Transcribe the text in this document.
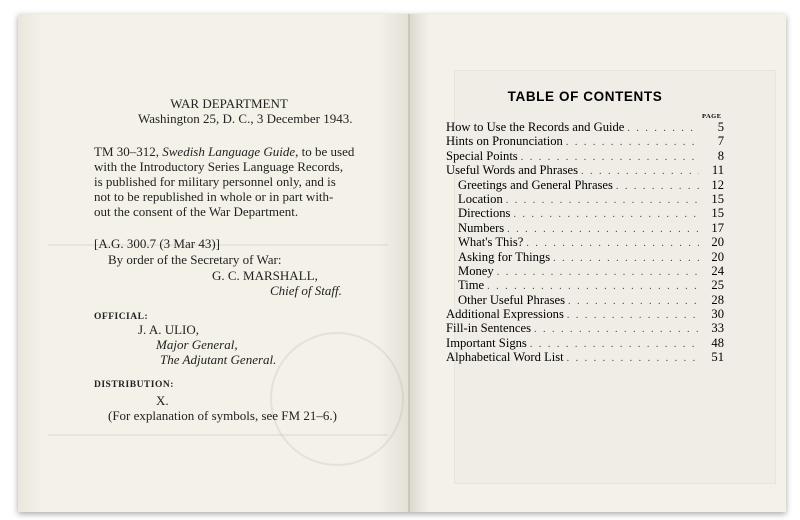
WAR DEPARTMENT
Washington 25, D. C., 3 December 1943.
TM 30–312, Swedish Language Guide, to be used
with the Introductory Series Language Records,
is published for military personnel only, and is
not to be republished in whole or in part with-
out the consent of the War Department.
[A.G. 300.7 (3 Mar 43)]
By order of the Secretary of War:
G. C. MARSHALL,
Chief of Staff.
OFFICIAL:
J. A. ULIO,
Major General,
The Adjutant General.
DISTRIBUTION:
X.
(For explanation of symbols, see FM 21–6.)
TABLE OF CONTENTS
PAGE
How to Use the Records and Guide . . .	5
Hints on Pronunciation . . .	7
Special Points . . .	8
Useful Words and Phrases . . .	11
Greetings and General Phrases . . .	12
Location . . .	15
Directions . . .	15
Numbers . . .	17
What's This? . . .	20
Asking for Things . . .	20
Money . . .	24
Time . . .	25
Other Useful Phrases . . .	28
Additional Expressions . . .	30
Fill-in Sentences . . .	33
Important Signs . . .	48
Alphabetical Word List . . .	51
